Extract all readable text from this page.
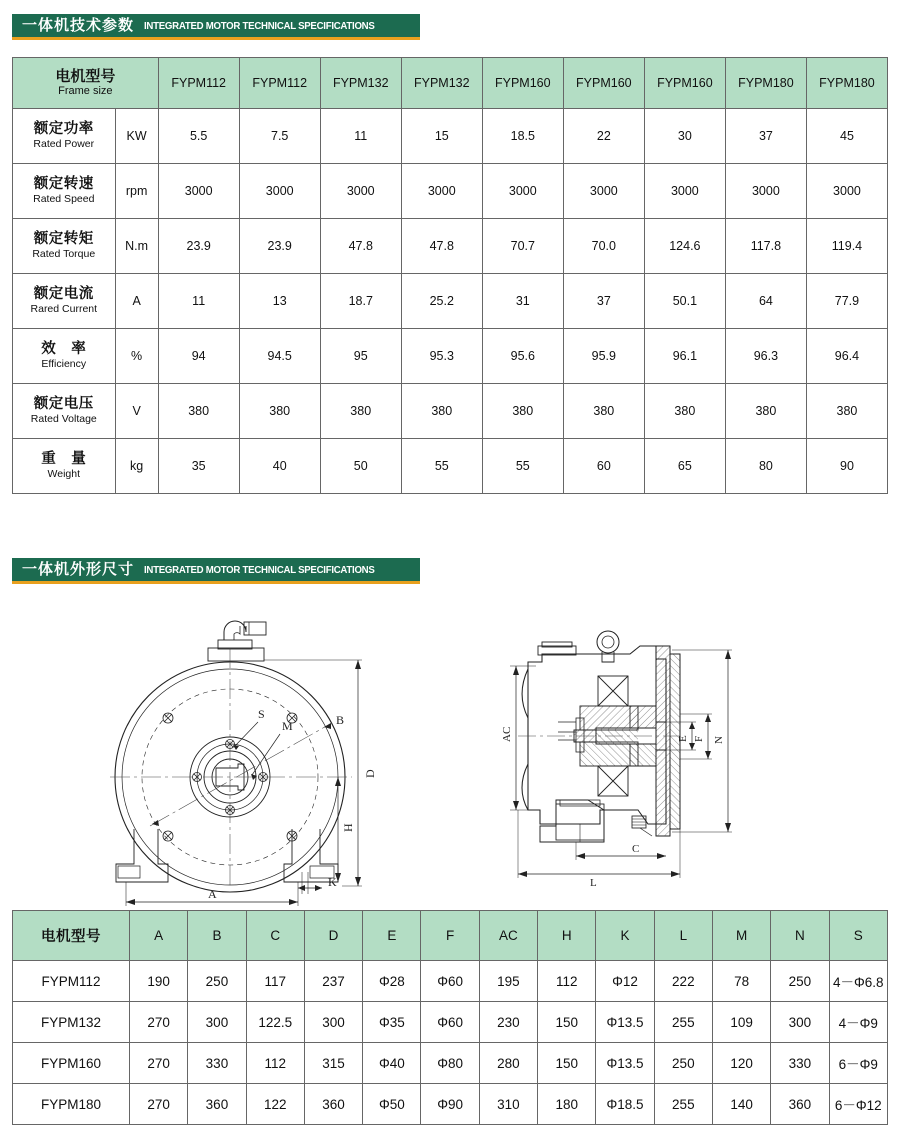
一体机技术参数 INTEGRATED MOTOR TECHNICAL SPECIFICATIONS
电机型号
Frame size		FYPM112	FYPM112	FYPM132	FYPM132	FYPM160	FYPM160	FYPM160	FYPM180	FYPM180

额定功率
Rated Power	KW	5.5	7.5	11	15	18.5	22	30	37	45

额定转速
Rated Speed	rpm	3000	3000	3000	3000	3000	3000	3000	3000	3000

额定转矩
Rated Torque	N.m	23.9	23.9	47.8	47.8	70.7	70.0	124.6	117.8	119.4

额定电流
Rared Current	A	11	13	18.7	25.2	31	37	50.1	64	77.9

效　率
Efficiency	%	94	94.5	95	95.3	95.6	95.9	96.1	96.3	96.4

额定电压
Rated Voltage	V	380	380	380	380	380	380	380	380	380

重　量
Weight	kg	35	40	50	55	55	60	65	80	90
一体机外形尺寸 INTEGRATED MOTOR TECHNICAL SPECIFICATIONS
S
M	B
D
H
A
K
AC	E F N
C
L
电机型号	A	B	C	D	E	F	AC	H	K	L	M	N	S
FYPM112	190	250	117	237	Φ28	Φ60	195	112	Φ12	222	78	250	4－Φ6.8
FYPM132	270	300	122.5	300	Φ35	Φ60	230	150	Φ13.5	255	109	300	4－Φ9
FYPM160	270	330	112	315	Φ40	Φ80	280	150	Φ13.5	250	120	330	6－Φ9
FYPM180	270	360	122	360	Φ50	Φ90	310	180	Φ18.5	255	140	360	6－Φ12
